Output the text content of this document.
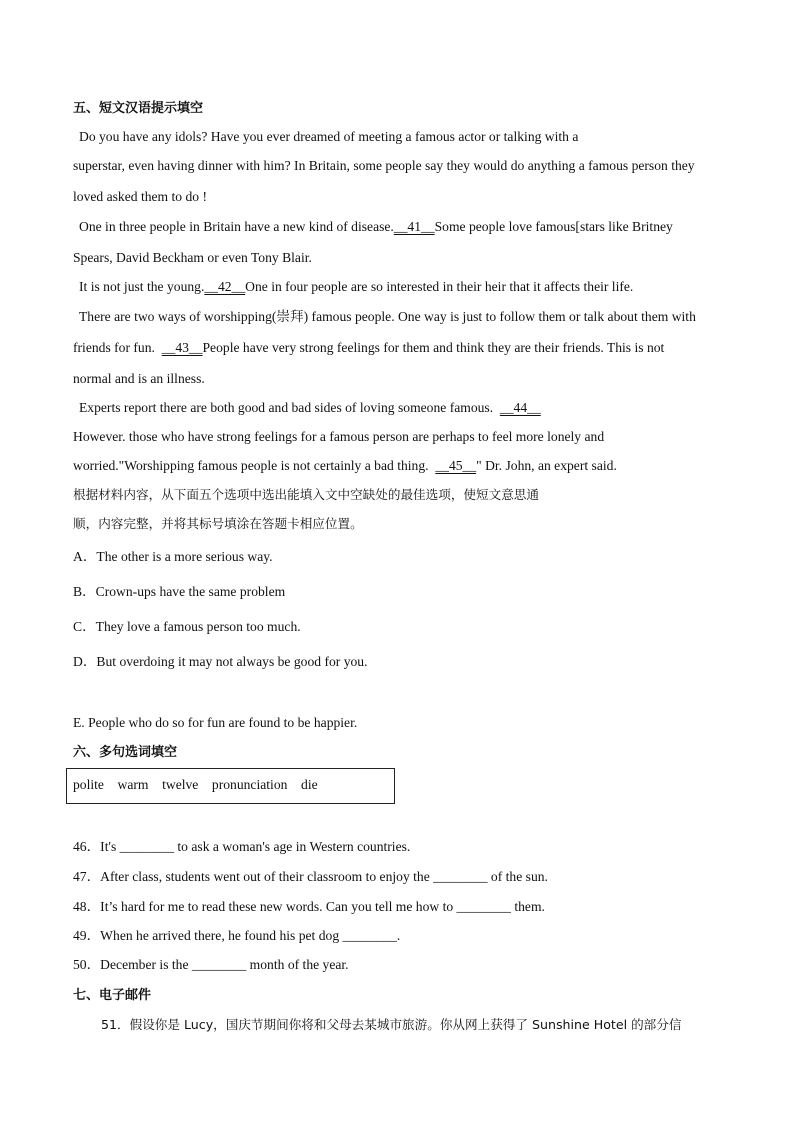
五、短文汉语提示填空
Do you have any idols? Have you ever dreamed of meeting a famous actor or talking with a
superstar, even having dinner with him? In Britain, some people say they would do anything a famous person they
loved asked them to do !
One in three people in Britain have a new kind of disease.__41__Some people love famous[stars like Britney
Spears, David Beckham or even Tony Blair.
It is not just the young.__42__One in four people are so interested in their heir that it affects their life.
There are two ways of worshipping(崇拜) famous people. One way is just to follow them or talk about them with
friends for fun. __43__People have very strong feelings for them and think they are their friends. This is not
normal and is an illness.
Experts report there are both good and bad sides of loving someone famous. __44__
However. those who have strong feelings for a famous person are perhaps to feel more lonely and
worried."Worshipping famous people is not certainly a bad thing. __45__" Dr. John, an expert said.
根据材料内容，从下面五个选项中选出能填入文中空缺处的最佳选项，使短文意思通
顺，内容完整，并将其标号填涂在答题卡相应位置。
A．The other is a more serious way.
B．Crown-ups have the same problem
C．They love a famous person too much.
D．But overdoing it may not always be good for you.
E. People who do so for fun are found to be happier.
六、多句选词填空
polite    warm    twelve    pronunciation    die
46．It's ________ to ask a woman's age in Western countries.
47．After class, students went out of their classroom to enjoy the ________ of the sun.
48．It’s hard for me to read these new words. Can you tell me how to ________ them.
49．When he arrived there, he found his pet dog ________.
50．December is the ________ month of the year.
七、电子邮件
51．假设你是 Lucy，国庆节期间你将和父母去某城市旅游。你从网上获得了 Sunshine Hotel 的部分信
